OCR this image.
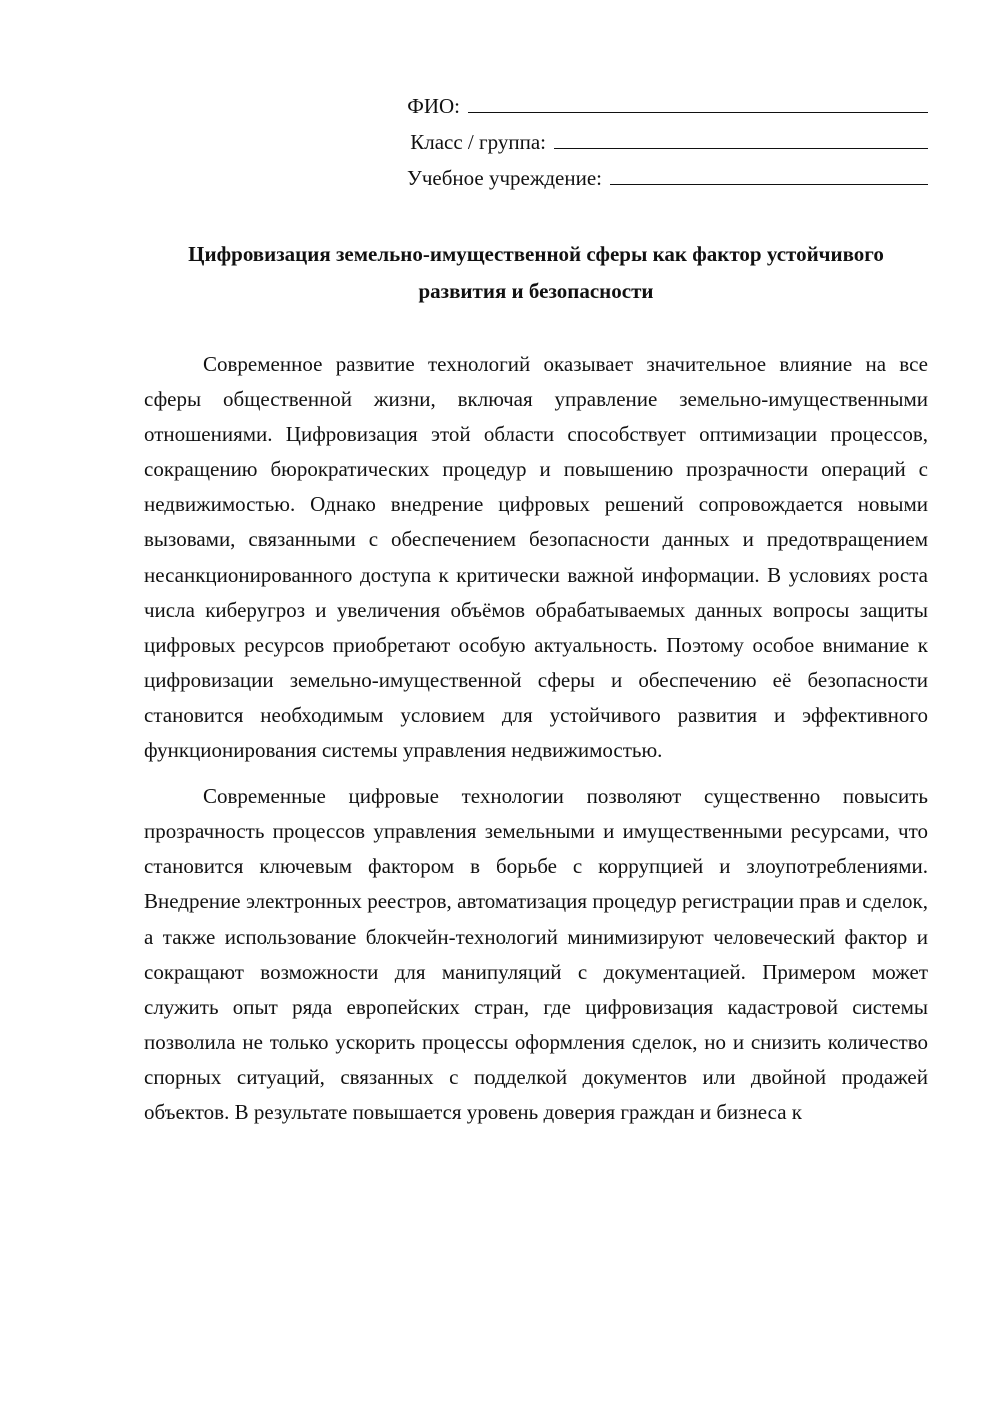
ФИО:
Класс / группа:
Учебное учреждение:
Цифровизация земельно-имущественной сферы как фактор устойчивого
развития и безопасности

Современное развитие технологий оказывает значительное влияние на все сферы общественной жизни, включая управление земельно-имущественными отношениями. Цифровизация этой области способствует оптимизации процессов, сокращению бюрократических процедур и повышению прозрачности операций с недвижимостью. Однако внедрение цифровых решений сопровождается новыми вызовами, связанными с обеспечением безопасности данных и предотвращением несанкционированного доступа к критически важной информации. В условиях роста числа киберугроз и увеличения объёмов обрабатываемых данных вопросы защиты цифровых ресурсов приобретают особую актуальность. Поэтому особое внимание к цифровизации земельно-имущественной сферы и обеспечению её безопасности становится необходимым условием для устойчивого развития и эффективного функционирования системы управления недвижимостью.

Современные цифровые технологии позволяют существенно повысить прозрачность процессов управления земельными и имущественными ресурсами, что становится ключевым фактором в борьбе с коррупцией и злоупотреблениями. Внедрение электронных реестров, автоматизация процедур регистрации прав и сделок, а также использование блокчейн-технологий минимизируют человеческий фактор и сокращают возможности для манипуляций с документацией. Примером может служить опыт ряда европейских стран, где цифровизация кадастровой системы позволила не только ускорить процессы оформления сделок, но и снизить количество спорных ситуаций, связанных с подделкой документов или двойной продажей объектов. В результате повышается уровень доверия граждан и бизнеса к
